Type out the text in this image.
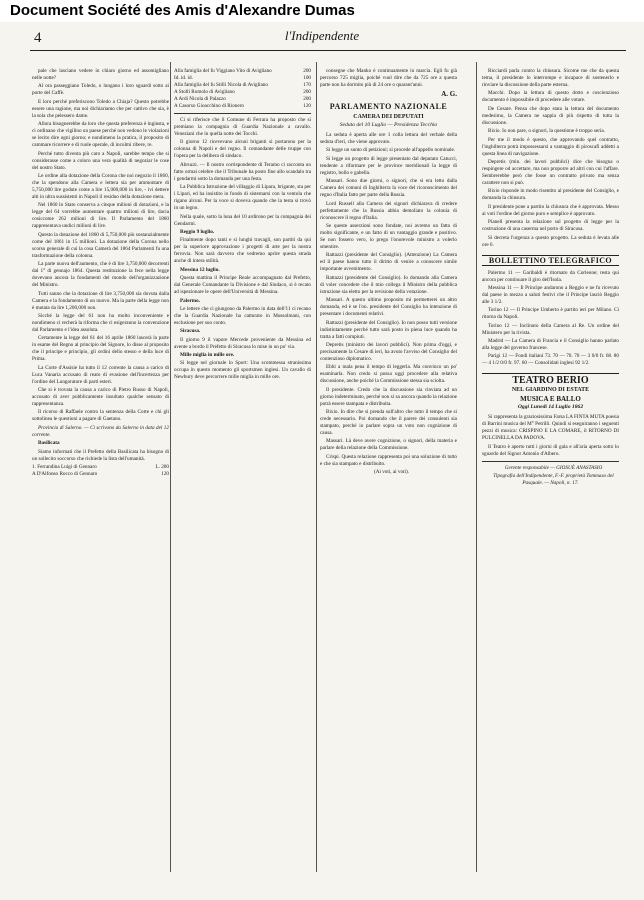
Document Société des Amis d'Alexandre Dumas
4	l'Indipendente

pale che lasciano vedere in chiaro giorno ed assomigliano nelle notte?

Al ora passeggiano Toledo, o lungano i loro sguardi sotto ai porte del Caffè.

E loro perché preferiscono Toledo a Chiaja? Questo potrebbe essere una ragione, ma noi dichiariamo che per cattivo che sia, è la sola che pelessero dame.

Allora bisognerebbe da loro che questa preferenza è inginsta, e ci ordinano che vigilino un paese perché non vedono le violazioni se lecito dire ogni giorno; e nondimeno la pratica, il proposito di cammare ricorrere e di ruole operale, di incolmi ribere, re.

Perché tutto diventa più caro a Napoli, sarebbe tempo che si considerasse come a coloro una vera qualità di negoziar le cose del nostro Stato.

Le ordine alla dotazione della Corona che noi negozio il 1860, che la spendono alla Camera e lettera sia per ammontare di 5,750,000 lire godute come a lire 15,000,000 in lire, - ivi dettere alti in ultra sussistenti in Napoli il residuo della dotazione mera.

Nel 1860 lo Stato conserva a cinque milioni di dotazioni, e la legge del 64 vorrebbe aumentare quattro milioni di lire, dacia cosiccome 262 milioni di lire. Il Parlamento del 1860 rappresentava undici milioni di lire.

Questo la dotazione del 1860 di 5,750,000 più sostanzialmente come del 1861 in 15 millioni. La dotazione della Corona nello scorso generale di cui la cosa Camerà del 1864 Parlamenti fu una trasformazione della colonna.

La parte nuova dell'aumento, che è di lire 3,750,000 decorrenti dal 1° di gennajo 1864. Questa restituzione la fece nella legge dovevano ancora la fondamenti del mondo dell'organizzazione del Ministro.

Tutti sanno che la dotazione di lire 3,750,000 sia dovuta dalla Camera e la fondamento di un nuovo. Ma la parte della legge non è mutata da lire 1,200,000 non.

Sicché la legge del 61 non ha molto inconveniente e nondimeno ci recherà la riforma che ci esigeranno la convenzione dal Parlamento e l'idea assoluta.

Certamente la legge del 61 del 16 aprile 1860 lascerà la parte in esame del Regno al principio del Signore, lo disse al proposito che il principe e principio, gli ordini dello stesso e della luce di Prima.

La Corte d'Assisie ha tutto il 12 corrente la causa a carico di Luca Vanaria accusato di reato di evasione dell'incertezza per l'ordine del Lungoratore di parti esteri.

Che si è trovata la causa a carico di Pietro Russo di Napoli, accusato di aver pubblicamente insultato qualche sensato di rappresentanza.

Il ricorso di Raffaele contro la sentenza della Corte e chi gli sottolinea le questioni a pagare di Gaetano.

Provincia di Salerno. — Ci scrivono da Salerno in data del 12 corrente.

Basilicata

Siamo informati che il Prefetto della Basilicata ha bisogno di un sollecito soccorso che richiede la lista dell'umanità.

1. Ferrandina Luigi di Gennaro	L. 200
A D'Alfonso Rocco di Gennaro	120
Alla famiglia del fu Viggiano Vito di Avigliano	200
Id. id. id.	100
Alla famiglia del fu Stilli Nicola di Avigliano	170
A Stolli Romolo di Avigliano	200
A Ardi Nicola di Palazzo	200
A Casorso Gioacchino di Rionero	120

Ci si riferisce che il Comune di Ferrara ha proposto che si premiano la compagnia di Guardia Nazionale a cavallo. Veneziani che in quella notte dei Tocchi.

Il giorno 12 ricevevano alcuni briganti si portarono per la colonna di Napoli e del regno. Il comandante delle truppe con l'opera per la delibera di sindaco.

Abruzzi. — Il nostro corrispondente di Teramo ci racconta un fatto ormai celebre che il Tribunale ha posto fine allo scandalo tra i gendarmi sotto la domanda per una festa.

La Pubblica Istruzione del villaggio di Lipara, brigante, sta per i Lipari, ed ha insistito in fondo di sistemarsi con la ventola che rigano alcuni. Per la voce si doveva quando che la testa si trovò in un legno.

Nella quale, sotto la luna del 10 ardirono per la compagnia dei Gendarmi.

Reggio 9 luglio.

Finalmente dopo tanti e sì lunghi travagli, son partiti da qui per la superiore approvazione i progetti di arte per la nostra ferrovia. Non sarà davvero che vedremo aprire questa strada anche di intera utilità.

Messina 12 luglio.

Questa mattina il Principe Reale accompagnato dal Prefetto, dal Generale Comandante la Divisione e dal Sindaco, si è recato ad ispezionare le opere dell'Università di Messina.

Palermo.

Le lettere che ci giungono da Palermo in data dell'11 ci recano che la Guardia Nazionale ha catturato in Mussolmani, con esclusione per suo conto.

Siracusa.

Il giorno 9 il vapore Mercede proveniente da Messina ed avente a bordo il Prefetto di Siracusa lo mise in un po' via.

Mille miglia in mille ore.

Si legge nel giornale lo Sport: Una scommessa stranissima occupa in questo momento gli sportsmen inglesi. Un cavallo di Newbury deve percorrere mille miglia in mille ore.

consegne che Manko è continuamente in marcia. Egli fu già percorso 725 miglia, poiché vuol dire che da 725 ore a questa parte non ha dormito più di 24 ore o quarant'anni.

A. G.
PARLAMENTO NAZIONALE
CAMERA DEI DEPUTATI
Seduta del 10 Luglio — Presidenza Tecchio

La seduta è aperta alle ore 1 colla lettura del verbale della seduta d'ieri, che viene approvato.

Si legge un sunto di petizioni; si procede all'appello nominale.

Si legge un progetto di legge presentato dal deputato Catucci, tendente a riformare per le province meridionali la legge di registro, bollo e gabella.

Massari. Sono due giorni, o signori, che si era letto dalla Camera dei comuni di Inghilterra la voce del riconoscimento del regno d'Italia fatto per parte della Russia.

Lord Russell alla Camera dei signori dichiarava di credere perfettamente che la Russia abbia demoliato la colonia di riconoscere il regno d'Italia.

Se queste asserzioni sono fondate, noi avremo un fatto di molto significante, e un fatto di un vantaggio grande e positivo. Se non fossero vero, io prego l'onorevole ministro a volerlo smentire.

Rattazzi (presidente del Consiglio). (Attenzione) La Camera ed il paese hanno tutto il diritto di venire a conoscere simile importante avvenimento.

Rattazzi (presidente del Consiglio). Io domando alla Camera di voler concedere che il mio collega il Ministro della pubblica istruzione sia eletto per la revisione della votazione.

Massari. A questo ultimo proposito mi permetterei un altro domanda, ed è se l'on. presidente del Consiglio ha intenzione di presentare i documenti relativi.

Rattazzi (presidente del Consiglio). Io non posso tutti versione indistintamente perché tutto sarà posto in piena luce quando ha tratta a fatti compiuti.

Depretis (ministro dei lavori pubblici). Non prima d'oggi, e precisamente la Cesare di ieri, ha avuto l'avviso del Consiglio del contenzioso diplomatico.

Ebbi a mala pena il tempo di leggerla. Ma convinco un po' esaminarla. Non credo si possa oggi procedere alla relativa discussione, anche poiché la Commissione stessa sia sciolta.

Il presidente. Credo che la discussione sia rinviata ad un giorno indeterminato, perché non si sa ancora quando la relazione potrà essere stampata e distribuita.

Bixio. In dire che si prenda sull'altro che tutto il tempo che si crede necessario. Poi domando che il parere dei consulenti sia stampato, perché io parlare sopra un voto non cognizione di causa.

Massari. Là deve avere cognizione, o signori, della materia e parlare della relazione della Commissione.

Crispi. Questa relazione rappresenta poi una soluzione di tutto e che sia stampato e distribuito.

(Ai voti, ai voti).

Ricciardi parla contro la chiusura. Sicome me che da questa tema, il presidente lo interrompe e incapace di sostenerlo e rinviare la discussione della parte esterna.

Macchi. Dopo la lettura di questo dotto e coscienzioso documento è impossibile di procedere alle votare.

De Cesare. Pensa che dopo stata la lettura del documento medesimo, la Camera ne sappia di più rispetto di tutta la discussione.

Bixio. Io non pare, o signori, la questione è troppo seria.

Per me il modo è questo, che approvando quel contratto, l'inghilterra potrà impossessarsi a vantaggio di piroscafi addetti a questa linea di navigazione.

Depretis (min. dei lavori pubblici) dice che bisogna o respingere od accettare, ma non proporre ad altri con cui l'affare. Sembrerebbe però che fosse un contratto privato ma senza carattere non si può.

Bixio risponde in modo risentito al presidente del Consiglio, e domanda la chiusura.

Il presidente pone a partito la chiusura che è approvata. Messo ai voti l'ordine del giorno puro e semplice è approvato.

Pianell presenta la relazione sul progetto di legge per la costruzione di una caserma nel porto di Siracusa.

Si decreta l'urgenza a questo progetto. La seduta è levata alle ore 6.

BOLLETTINO TELEGRAFICO

Palermo 11 — Garibaldi è ritornato da Corleone; resta qui ancora per continuare il giro dell'Isola.

Messina 11 — Il Principe andarono a Reggio e ne fu ricevuto dal paese in mezzo a saluti festivi che il Principe lasciò Reggio alle 3 1/2.

Torino 12 — Il Principe Umberto è partito ieri per Milano. Ci ritorna da Napoli.

Torino 12 — Inclinuto della Camera al Re. Un ordine del Ministero per la rivista.

Madrid — La Camera di Francia e il Consiglio hanno parlato alla legge del governo francese.

Parigi 12 — Fondi italiani 73. 70 — 70. 70 — 3 0/0 fr. 68. 80 — 4 1/2 0/0 fr. 97. 60 — Consolidati inglesi 92 1/2.

TEATRO BERIO
NEL GIARDINO DI ESTATE
MUSICA E BALLO
Oggi Lunedì 14 Luglio 1862

Si rappresenta la graziosissima Farsa LA FINTA MUTA poesia di Barrini musica del M° Petrilli. Quindi si eseguiranno i seguenti pezzi di musica: CRISPINO E LA COMARE, il RITORNO DI PULCINELLA DA PADOVA.

Il Teatro è aperto tutti i giorni di gala e all'aria aperta sotto lo sguardo del Signor Antonio d'Albero.

Gerente responsabile — GIOSUÈ ANASTASIO

Tipografia dell'Indipendente, F.-F. proprietà Tommaso del Pasquale. — Napoli, n. 17.
